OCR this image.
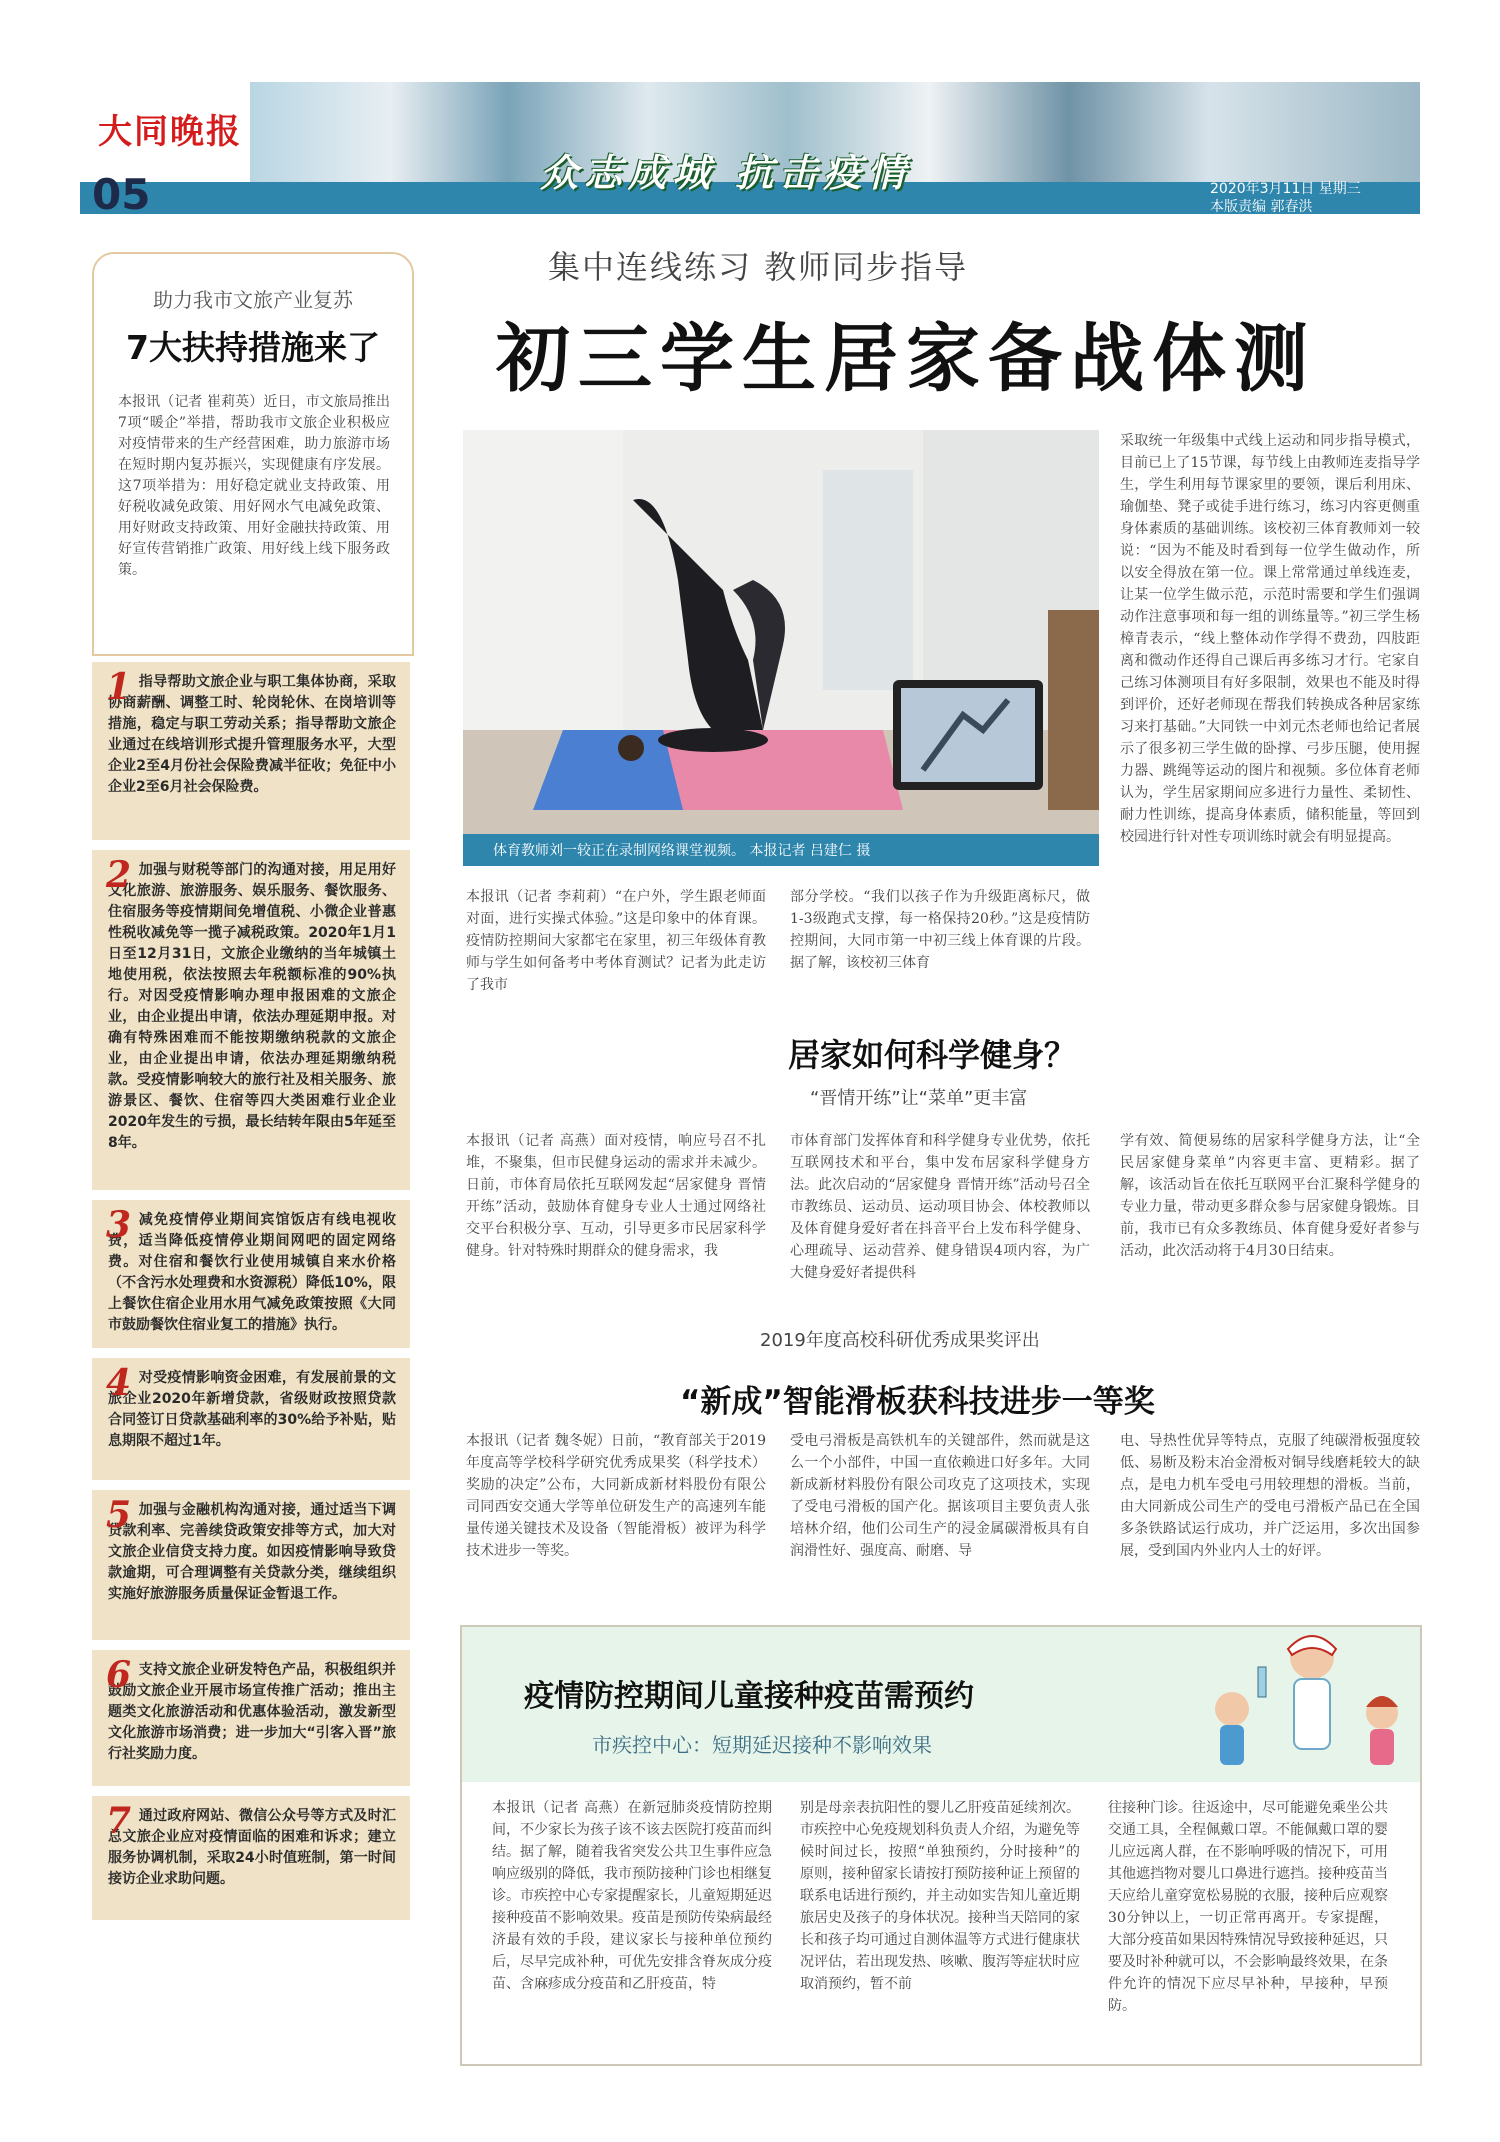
大同晚报
众志成城 抗击疫情	2020年3月11日 星期三
本版责编 郭春洪
05
助力我市文旅产业复苏
7大扶持措施来了
本报讯（记者 崔莉英）近日，市文旅局推出7项“暖企”举措，帮助我市文旅企业积极应对疫情带来的生产经营困难，助力旅游市场在短时期内复苏振兴，实现健康有序发展。这7项举措为：用好稳定就业支持政策、用好税收减免政策、用好网水气电减免政策、用好财政支持政策、用好金融扶持政策、用好宣传营销推广政策、用好线上线下服务政策。
1 指导帮助文旅企业与职工集体协商，采取协商薪酬、调整工时、轮岗轮休、在岗培训等措施，稳定与职工劳动关系；指导帮助文旅企业通过在线培训形式提升管理服务水平，大型企业2至4月份社会保险费减半征收；免征中小企业2至6月社会保险费。
2 加强与财税等部门的沟通对接，用足用好文化旅游、旅游服务、娱乐服务、餐饮服务、住宿服务等疫情期间免增值税、小微企业普惠性税收减免等一揽子减税政策。2020年1月1日至12月31日，文旅企业缴纳的当年城镇土地使用税，依法按照去年税额标准的90%执行。对因受疫情影响办理申报困难的文旅企业，由企业提出申请，依法办理延期申报。对确有特殊困难而不能按期缴纳税款的文旅企业，由企业提出申请，依法办理延期缴纳税款。受疫情影响较大的旅行社及相关服务、旅游景区、餐饮、住宿等四大类困难行业企业2020年发生的亏损，最长结转年限由5年延至8年。
3 减免疫情停业期间宾馆饭店有线电视收费，适当降低疫情停业期间网吧的固定网络费。对住宿和餐饮行业使用城镇自来水价格（不含污水处理费和水资源税）降低10%，限上餐饮住宿企业用水用气减免政策按照《大同市鼓励餐饮住宿业复工的措施》执行。
4 对受疫情影响资金困难，有发展前景的文旅企业2020年新增贷款，省级财政按照贷款合同签订日贷款基础利率的30%给予补贴，贴息期限不超过1年。
5 加强与金融机构沟通对接，通过适当下调贷款利率、完善续贷政策安排等方式，加大对文旅企业信贷支持力度。如因疫情影响导致贷款逾期，可合理调整有关贷款分类，继续组织实施好旅游服务质量保证金暂退工作。
6 支持文旅企业研发特色产品，积极组织并鼓励文旅企业开展市场宣传推广活动；推出主题类文化旅游活动和优惠体验活动，激发新型文化旅游市场消费；进一步加大“引客入晋”旅行社奖励力度。
7 通过政府网站、微信公众号等方式及时汇总文旅企业应对疫情面临的困难和诉求；建立服务协调机制，采取24小时值班制，第一时间接访企业求助问题。
集中连线练习 教师同步指导
初三学生居家备战体测
体育教师刘一较正在录制网络课堂视频。 本报记者 吕建仁 摄
本报讯（记者 李莉莉）“在户外，学生跟老师面对面，进行实操式体验。”这是印象中的体育课。疫情防控期间大家都宅在家里，初三年级体育教师与学生如何备考中考体育测试？记者为此走访了我市
部分学校。“我们以孩子作为升级距离标尺，做1-3级跑式支撑，每一格保持20秒。”这是疫情防控期间，大同市第一中初三线上体育课的片段。据了解，该校初三体育
采取统一年级集中式线上运动和同步指导模式，目前已上了15节课，每节线上由教师连麦指导学生，学生利用每节课家里的要领，课后利用床、瑜伽垫、凳子或徒手进行练习，练习内容更侧重身体素质的基础训练。该校初三体育教师刘一较说：“因为不能及时看到每一位学生做动作，所以安全得放在第一位。课上常常通过单线连麦，让某一位学生做示范，示范时需要和学生们强调动作注意事项和每一组的训练量等。”初三学生杨樟青表示，“线上整体动作学得不费劲，四肢距离和微动作还得自己课后再多练习才行。宅家自己练习体测项目有好多限制，效果也不能及时得到评价，还好老师现在帮我们转换成各种居家练习来打基础。”大同铁一中刘元杰老师也给记者展示了很多初三学生做的卧撑、弓步压腿，使用握力器、跳绳等运动的图片和视频。多位体育老师认为，学生居家期间应多进行力量性、柔韧性、耐力性训练，提高身体素质，储积能量，等回到校园进行针对性专项训练时就会有明显提高。
居家如何科学健身？
“晋情开练”让“菜单”更丰富
本报讯（记者 高燕）面对疫情，响应号召不扎堆，不聚集，但市民健身运动的需求并未减少。日前，市体育局依托互联网发起“居家健身 晋情开练”活动，鼓励体育健身专业人士通过网络社交平台积极分享、互动，引导更多市民居家科学健身。针对特殊时期群众的健身需求，我
市体育部门发挥体育和科学健身专业优势，依托互联网技术和平台，集中发布居家科学健身方法。此次启动的“居家健身 晋情开练”活动号召全市教练员、运动员、运动项目协会、体校教师以及体育健身爱好者在抖音平台上发布科学健身、心理疏导、运动营养、健身错误4项内容，为广大健身爱好者提供科
学有效、简便易练的居家科学健身方法，让“全民居家健身菜单”内容更丰富、更精彩。据了解，该活动旨在依托互联网平台汇聚科学健身的专业力量，带动更多群众参与居家健身锻炼。目前，我市已有众多教练员、体育健身爱好者参与活动，此次活动将于4月30日结束。
2019年度高校科研优秀成果奖评出
“新成”智能滑板获科技进步一等奖
本报讯（记者 魏冬妮）日前，“教育部关于2019年度高等学校科学研究优秀成果奖（科学技术）奖励的决定”公布，大同新成新材料股份有限公司同西安交通大学等单位研发生产的高速列车能量传递关键技术及设备（智能滑板）被评为科学技术进步一等奖。
受电弓滑板是高铁机车的关键部件，然而就是这么一个小部件，中国一直依赖进口好多年。大同新成新材料股份有限公司攻克了这项技术，实现了受电弓滑板的国产化。据该项目主要负责人张培林介绍，他们公司生产的浸金属碳滑板具有自润滑性好、强度高、耐磨、导
电、导热性优异等特点，克服了纯碳滑板强度较低、易断及粉末冶金滑板对铜导线磨耗较大的缺点，是电力机车受电弓用较理想的滑板。当前，由大同新成公司生产的受电弓滑板产品已在全国多条铁路试运行成功，并广泛运用，多次出国参展，受到国内外业内人士的好评。
疫情防控期间儿童接种疫苗需预约
市疾控中心：短期延迟接种不影响效果
本报讯（记者 高燕）在新冠肺炎疫情防控期间，不少家长为孩子该不该去医院打疫苗而纠结。据了解，随着我省突发公共卫生事件应急响应级别的降低，我市预防接种门诊也相继复诊。市疾控中心专家提醒家长，儿童短期延迟接种疫苗不影响效果。疫苗是预防传染病最经济最有效的手段，建议家长与接种单位预约后，尽早完成补种，可优先安排含脊灰成分疫苗、含麻疹成分疫苗和乙肝疫苗，特
别是母亲表抗阳性的婴儿乙肝疫苗延续剂次。市疾控中心免疫规划科负责人介绍，为避免等候时间过长，按照“单独预约，分时接种”的原则，接种留家长请按打预防接种证上预留的联系电话进行预约，并主动如实告知儿童近期旅居史及孩子的身体状况。接种当天陪同的家长和孩子均可通过自测体温等方式进行健康状况评估，若出现发热、咳嗽、腹泻等症状时应取消预约，暂不前
往接种门诊。往返途中，尽可能避免乘坐公共交通工具，全程佩戴口罩。不能佩戴口罩的婴儿应远离人群，在不影响呼吸的情况下，可用其他遮挡物对婴儿口鼻进行遮挡。接种疫苗当天应给儿童穿宽松易脱的衣服，接种后应观察30分钟以上，一切正常再离开。专家提醒，大部分疫苗如果因特殊情况导致接种延迟，只要及时补种就可以，不会影响最终效果，在条件允许的情况下应尽早补种，早接种，早预防。
